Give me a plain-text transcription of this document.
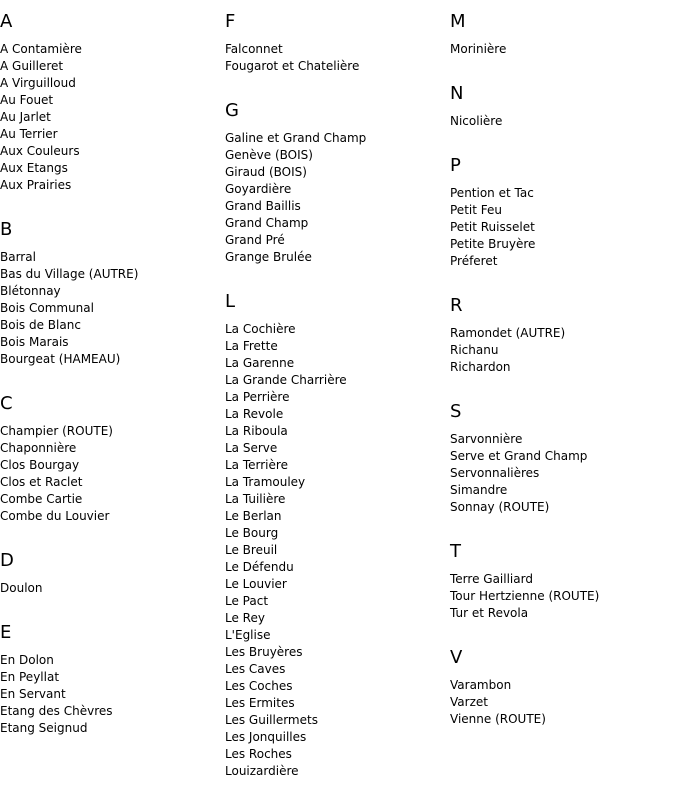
A
A Contamière
A Guilleret
A Virguilloud
Au Fouet
Au Jarlet
Au Terrier
Aux Couleurs
Aux Etangs
Aux Prairies
B
Barral
Bas du Village (AUTRE)
Blétonnay
Bois Communal
Bois de Blanc
Bois Marais
Bourgeat (HAMEAU)
C
Champier (ROUTE)
Chaponnière
Clos Bourgay
Clos et Raclet
Combe Cartie
Combe du Louvier
D
Doulon
E
En Dolon
En Peyllat
En Servant
Etang des Chèvres
Etang Seignud
F
Falconnet
Fougarot et Chatelière
G
Galine et Grand Champ
Genève (BOIS)
Giraud (BOIS)
Goyardière
Grand Baillis
Grand Champ
Grand Pré
Grange Brulée
L
La Cochière
La Frette
La Garenne
La Grande Charrière
La Perrière
La Revole
La Riboula
La Serve
La Terrière
La Tramouley
La Tuilière
Le Berlan
Le Bourg
Le Breuil
Le Défendu
Le Louvier
Le Pact
Le Rey
L'Eglise
Les Bruyères
Les Caves
Les Coches
Les Ermites
Les Guillermets
Les Jonquilles
Les Roches
Louizardière
M
Morinière
N
Nicolière
P
Pention et Tac
Petit Feu
Petit Ruisselet
Petite Bruyère
Préferet
R
Ramondet (AUTRE)
Richanu
Richardon
S
Sarvonnière
Serve et Grand Champ
Servonnalières
Simandre
Sonnay (ROUTE)
T
Terre Gailliard
Tour Hertzienne (ROUTE)
Tur et Revola
V
Varambon
Varzet
Vienne (ROUTE)
